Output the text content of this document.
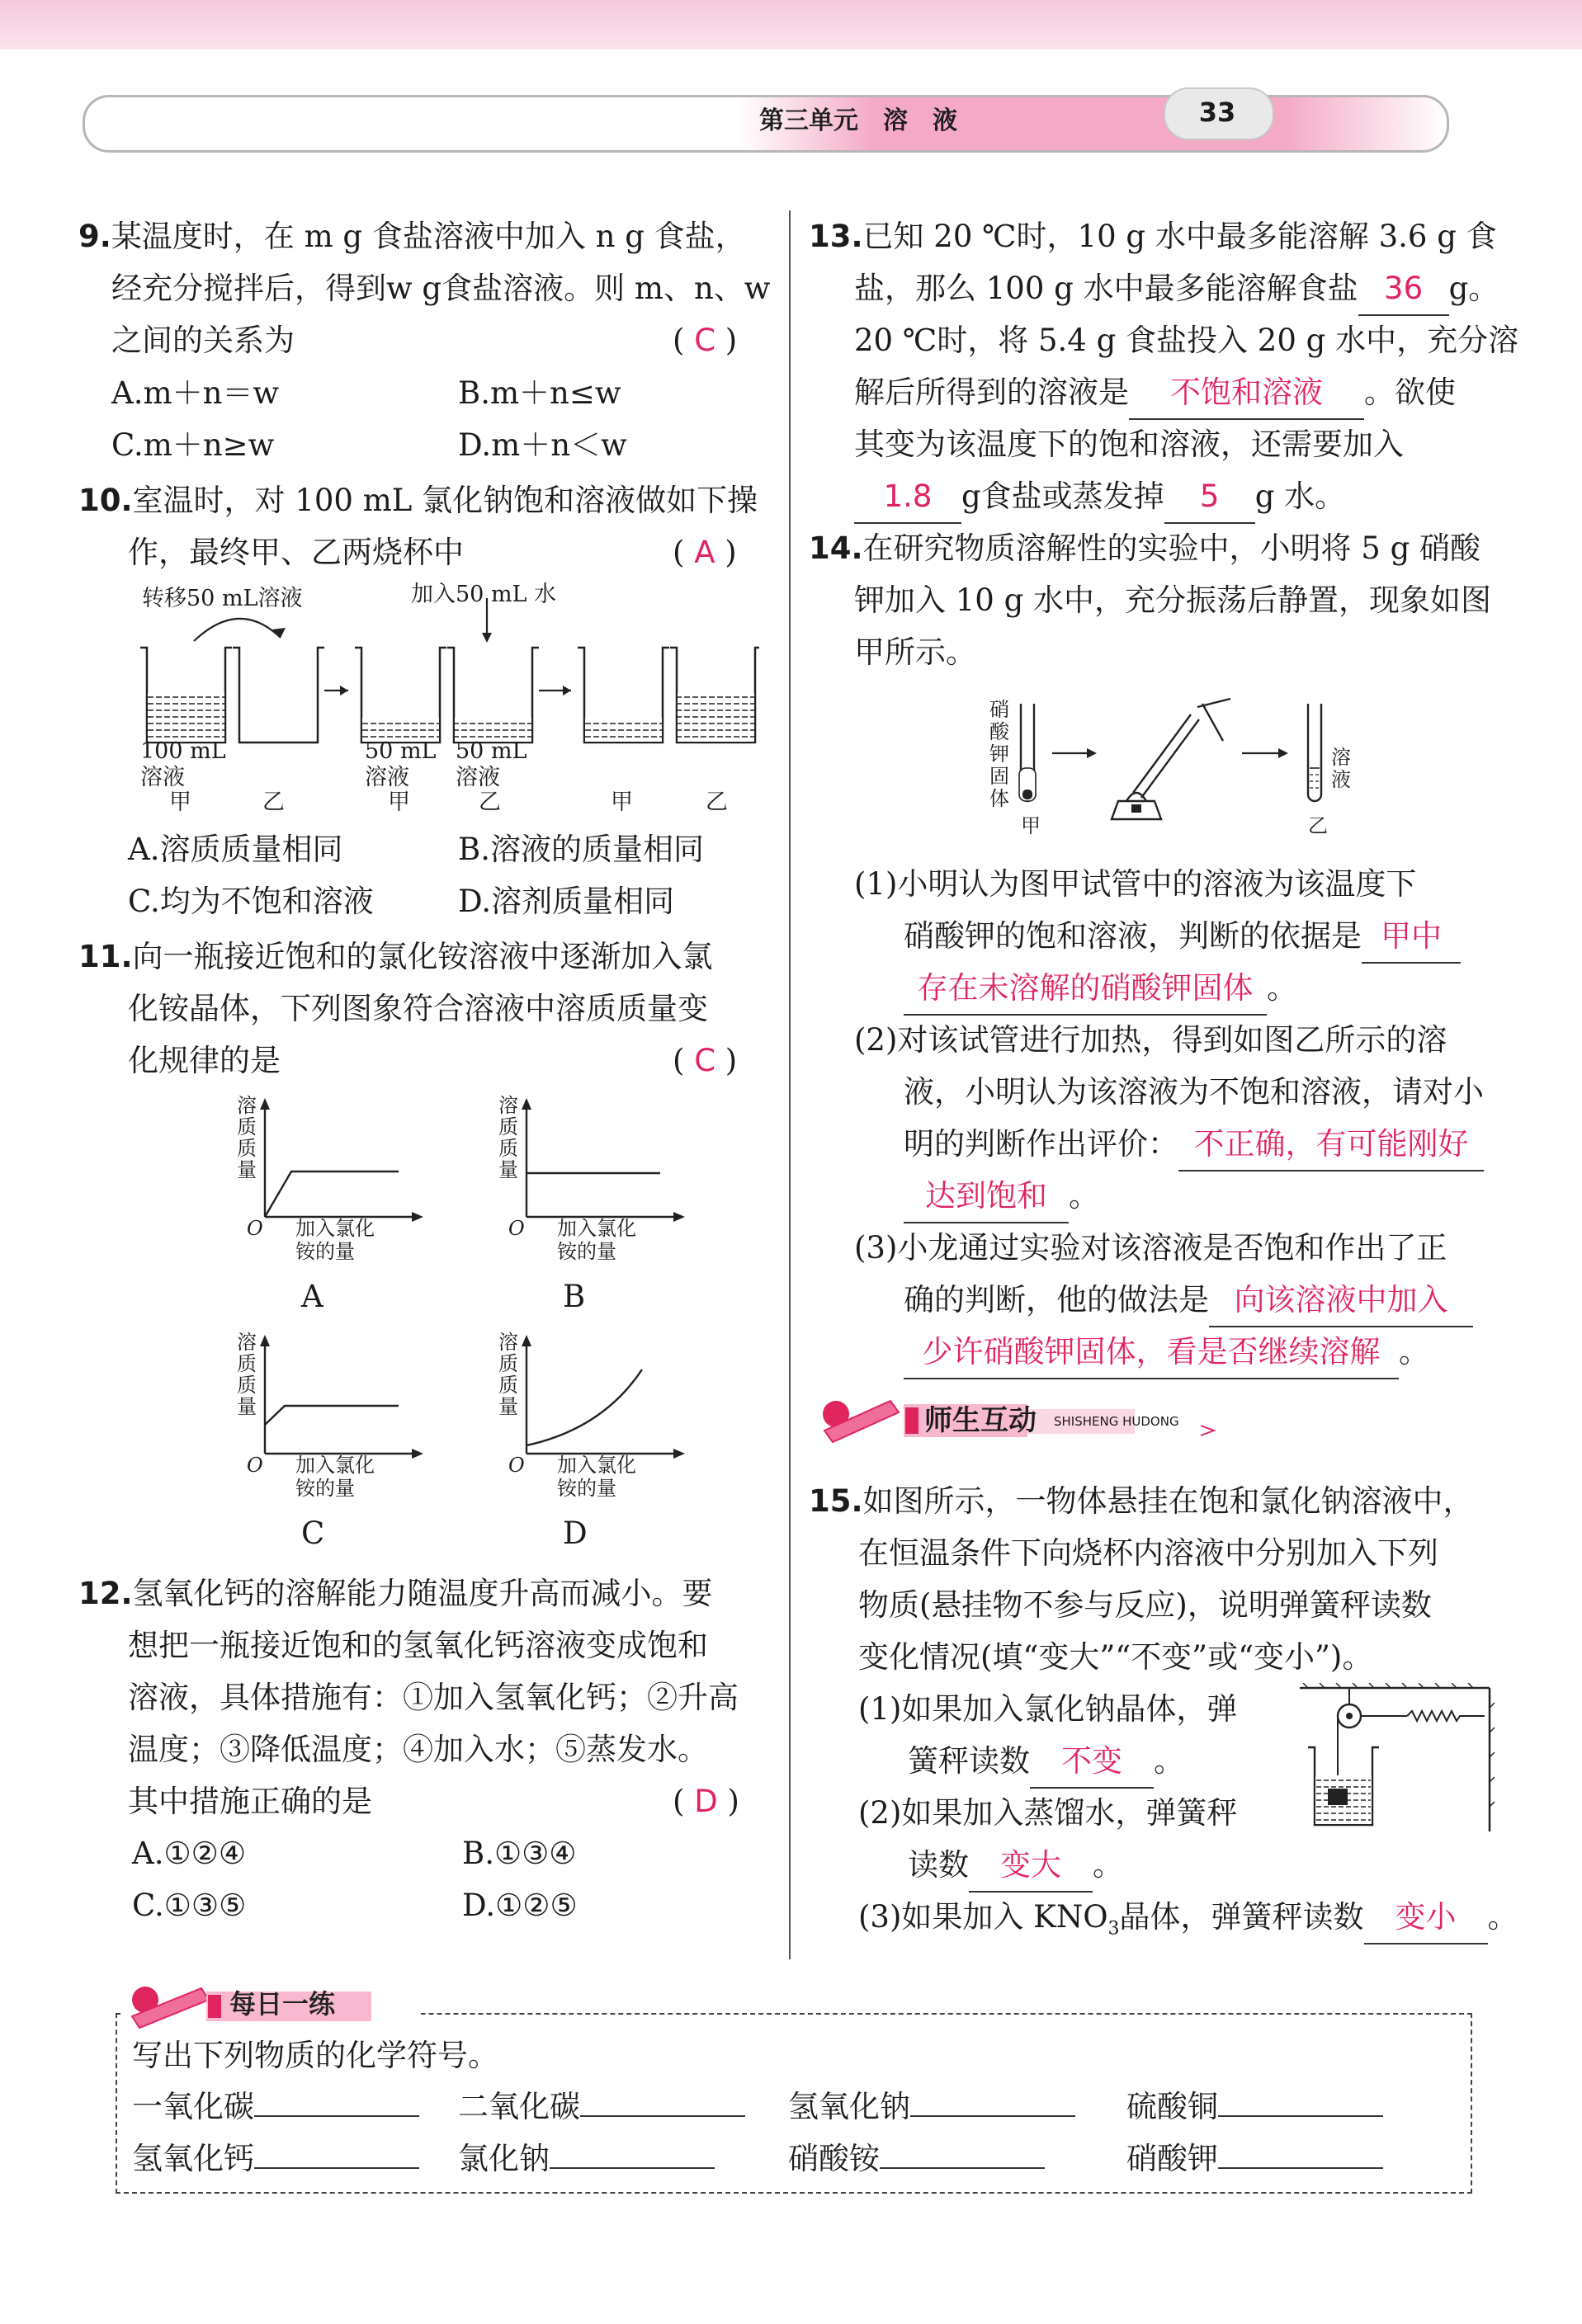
第三单元　溶　液	33
9.某温度时，在 m g 食盐溶液中加入 n g 食盐，
经充分搅拌后，得到w g食盐溶液。则 m、n、w
之间的关系为	( C )
A.m＋n＝w	B.m＋n≤w
C.m＋n≥w	D.m＋n＜w
10.室温时，对 100 mL 氯化钠饱和溶液做如下操
作，最终甲、乙两烧杯中	( A )
转移50 mL溶液	加入50 mL 水
100 mL
溶液
甲	乙
50 mL
溶液
甲
50 mL
溶液
乙	甲	乙
A.溶质质量相同	B.溶液的质量相同
C.均为不饱和溶液	D.溶剂质量相同
11.向一瓶接近饱和的氯化铵溶液中逐渐加入氯
化铵晶体，下列图象符合溶液中溶质质量变
化规律的是	( C )
溶
质
质
量
O 加入氯化
铵的量
A
溶
质
质
量
O 加入氯化
铵的量
B
溶
质
质
量
O 加入氯化
铵的量
C
溶
质
质
量
O 加入氯化
铵的量
D
12.氢氧化钙的溶解能力随温度升高而减小。要
想把一瓶接近饱和的氢氧化钙溶液变成饱和
溶液，具体措施有：①加入氢氧化钙；②升高
温度；③降低温度；④加入水；⑤蒸发水。
其中措施正确的是	( D )
A.①②④	B.①③④
C.①③⑤	D.①②⑤
13.已知 20 ℃时，10 g 水中最多能溶解 3.6 g 食
盐，那么 100 g 水中最多能溶解食盐 36 g。
20 ℃时，将 5.4 g 食盐投入 20 g 水中，充分溶
解后所得到的溶液是 不饱和溶液 。欲使
其变为该温度下的饱和溶液，还需要加入
1.8 g食盐或蒸发掉 5 g 水。
14.在研究物质溶解性的实验中，小明将 5 g 硝酸
钾加入 10 g 水中，充分振荡后静置，现象如图
甲所示。
硝
酸
钾
固
体
溶
液
甲	乙
(1)小明认为图甲试管中的溶液为该温度下
硝酸钾的饱和溶液，判断的依据是 甲中
存在未溶解的硝酸钾固体 。
(2)对该试管进行加热，得到如图乙所示的溶
液，小明认为该溶液为不饱和溶液，请对小
明的判断作出评价： 不正确，有可能刚好
达到饱和 。
(3)小龙通过实验对该溶液是否饱和作出了正
确的判断，他的做法是 向该溶液中加入
少许硝酸钾固体，看是否继续溶解 。
师生互动 SHISHENG HUDONG
15.如图所示，一物体悬挂在饱和氯化钠溶液中，
在恒温条件下向烧杯内溶液中分别加入下列
物质(悬挂物不参与反应)，说明弹簧秤读数
变化情况(填“变大”“不变”或“变小”)。
(1)如果加入氯化钠晶体，弹
簧秤读数 不变 。
(2)如果加入蒸馏水，弹簧秤
读数 变大 。
(3)如果加入 $KNO_3$晶体，弹簧秤读数 变小 。
每日一练
写出下列物质的化学符号。
一氧化碳	二氧化碳	氢氧化钠	硫酸铜
氢氧化钙	氯化钠	硝酸铵	硝酸钾
